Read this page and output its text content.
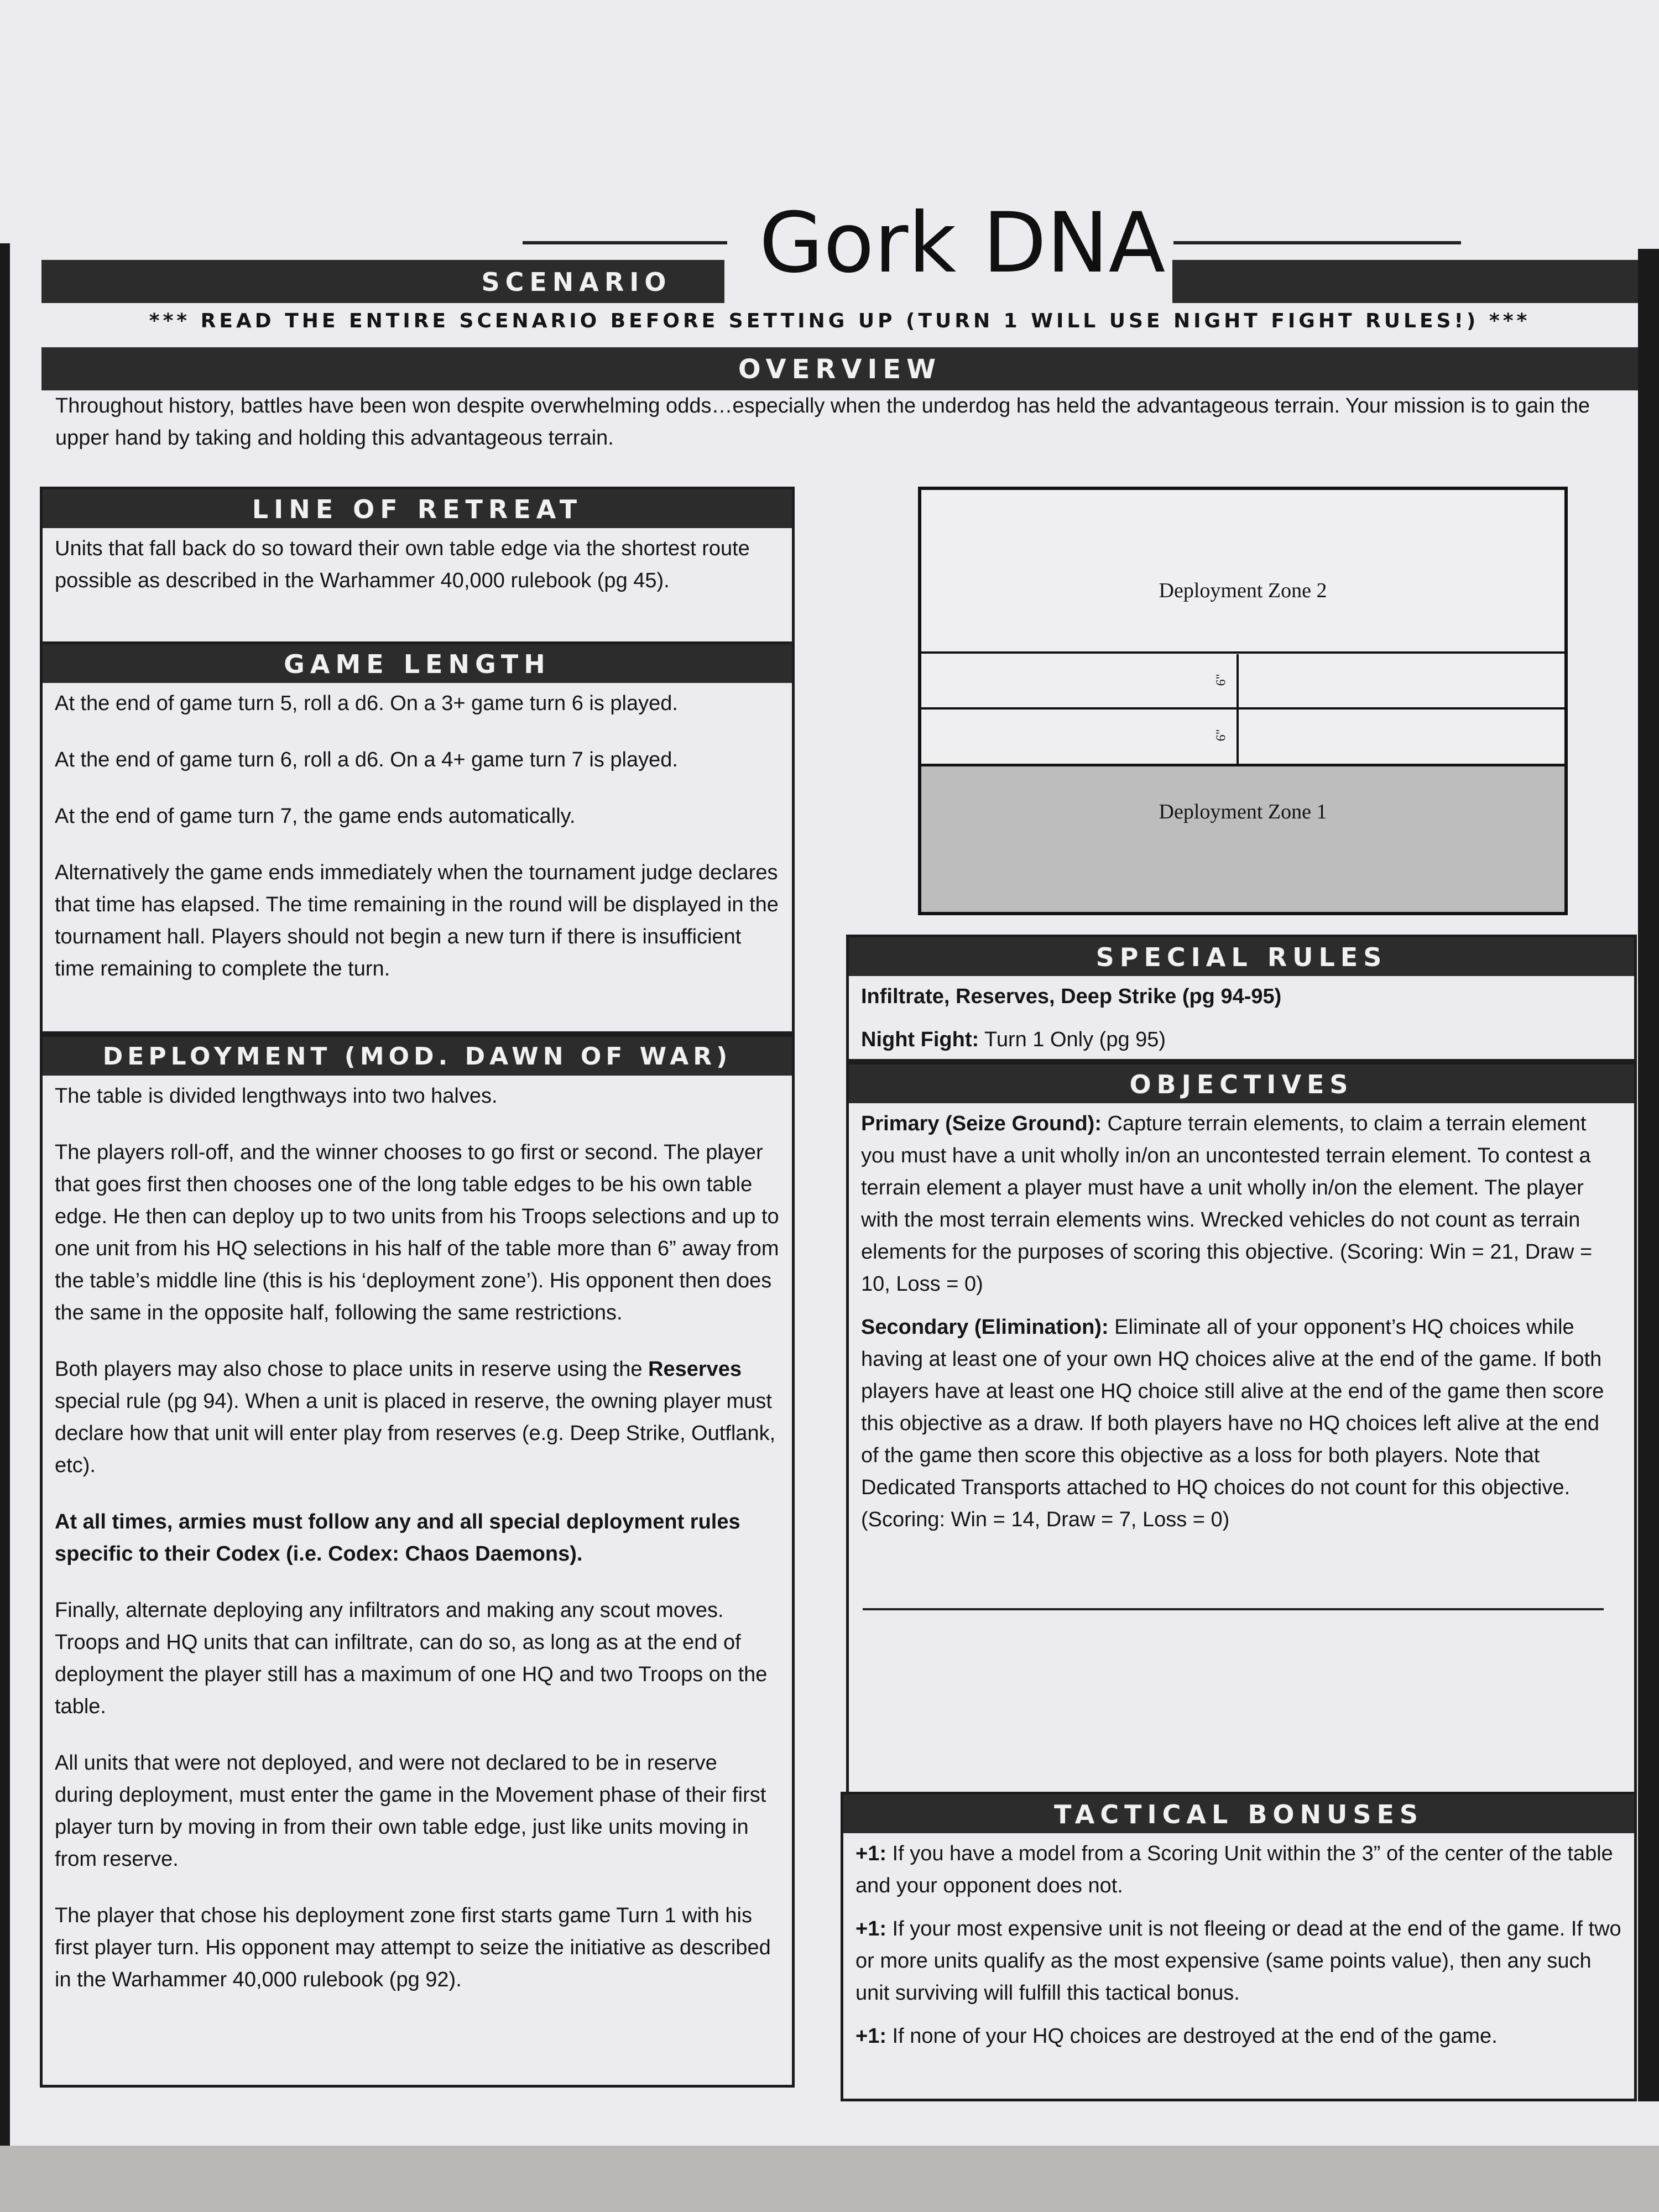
Gork DNA
SCENARIO
*** READ THE ENTIRE SCENARIO BEFORE SETTING UP (TURN 1 WILL USE NIGHT FIGHT RULES!) ***
OVERVIEW
Throughout history, battles have been won despite overwhelming odds…especially when the underdog has held the advantageous terrain. Your mission is to gain the upper hand by taking and holding this advantageous terrain.
LINE OF RETREAT
Units that fall back do so toward their own table edge via the shortest route possible as described in the Warhammer 40,000 rulebook (pg 45).
GAME LENGTH

At the end of game turn 5, roll a d6. On a 3+ game turn 6 is played.

At the end of game turn 6, roll a d6. On a 4+ game turn 7 is played.

At the end of game turn 7, the game ends automatically.

Alternatively the game ends immediately when the tournament judge declares that time has elapsed. The time remaining in the round will be displayed in the tournament hall. Players should not begin a new turn if there is insufficient time remaining to complete the turn.

DEPLOYMENT (MOD. DAWN OF WAR)

The table is divided lengthways into two halves.

The players roll-off, and the winner chooses to go first or second. The player that goes first then chooses one of the long table edges to be his own table edge. He then can deploy up to two units from his Troops selections and up to one unit from his HQ selections in his half of the table more than 6” away from the table’s middle line (this is his ‘deployment zone’). His opponent then does the same in the opposite half, following the same restrictions.

Both players may also chose to place units in reserve using the Reserves special rule (pg 94). When a unit is placed in reserve, the owning player must declare how that unit will enter play from reserves (e.g. Deep Strike, Outflank, etc).

At all times, armies must follow any and all special deployment rules specific to their Codex (i.e. Codex: Chaos Daemons).

Finally, alternate deploying any infiltrators and making any scout moves. Troops and HQ units that can infiltrate, can do so, as long as at the end of deployment the player still has a maximum of one HQ and two Troops on the table.

All units that were not deployed, and were not declared to be in reserve during deployment, must enter the game in the Movement phase of their first player turn by moving in from their own table edge, just like units moving in from reserve.

The player that chose his deployment zone first starts game Turn 1 with his first player turn. His opponent may attempt to seize the initiative as described in the Warhammer 40,000 rulebook (pg 92).

Deployment Zone 2
6"
6"
Deployment Zone 1
SPECIAL RULES

Infiltrate, Reserves, Deep Strike (pg 94-95)

Night Fight: Turn 1 Only (pg 95)

OBJECTIVES

Primary (Seize Ground): Capture terrain elements, to claim a terrain element you must have a unit wholly in/on an uncontested terrain element. To contest a terrain element a player must have a unit wholly in/on the element. The player with the most terrain elements wins. Wrecked vehicles do not count as terrain elements for the purposes of scoring this objective. (Scoring: Win = 21, Draw = 10, Loss = 0)

Secondary (Elimination): Eliminate all of your opponent’s HQ choices while having at least one of your own HQ choices alive at the end of the game. If both players have at least one HQ choice still alive at the end of the game then score this objective as a draw. If both players have no HQ choices left alive at the end of the game then score this objective as a loss for both players. Note that Dedicated Transports attached to HQ choices do not count for this objective. (Scoring: Win = 14, Draw = 7, Loss = 0)

TACTICAL BONUSES

+1: If you have a model from a Scoring Unit within the 3” of the center of the table and your opponent does not.

+1: If your most expensive unit is not fleeing or dead at the end of the game. If two or more units qualify as the most expensive (same points value), then any such unit surviving will fulfill this tactical bonus.

+1: If none of your HQ choices are destroyed at the end of the game.
